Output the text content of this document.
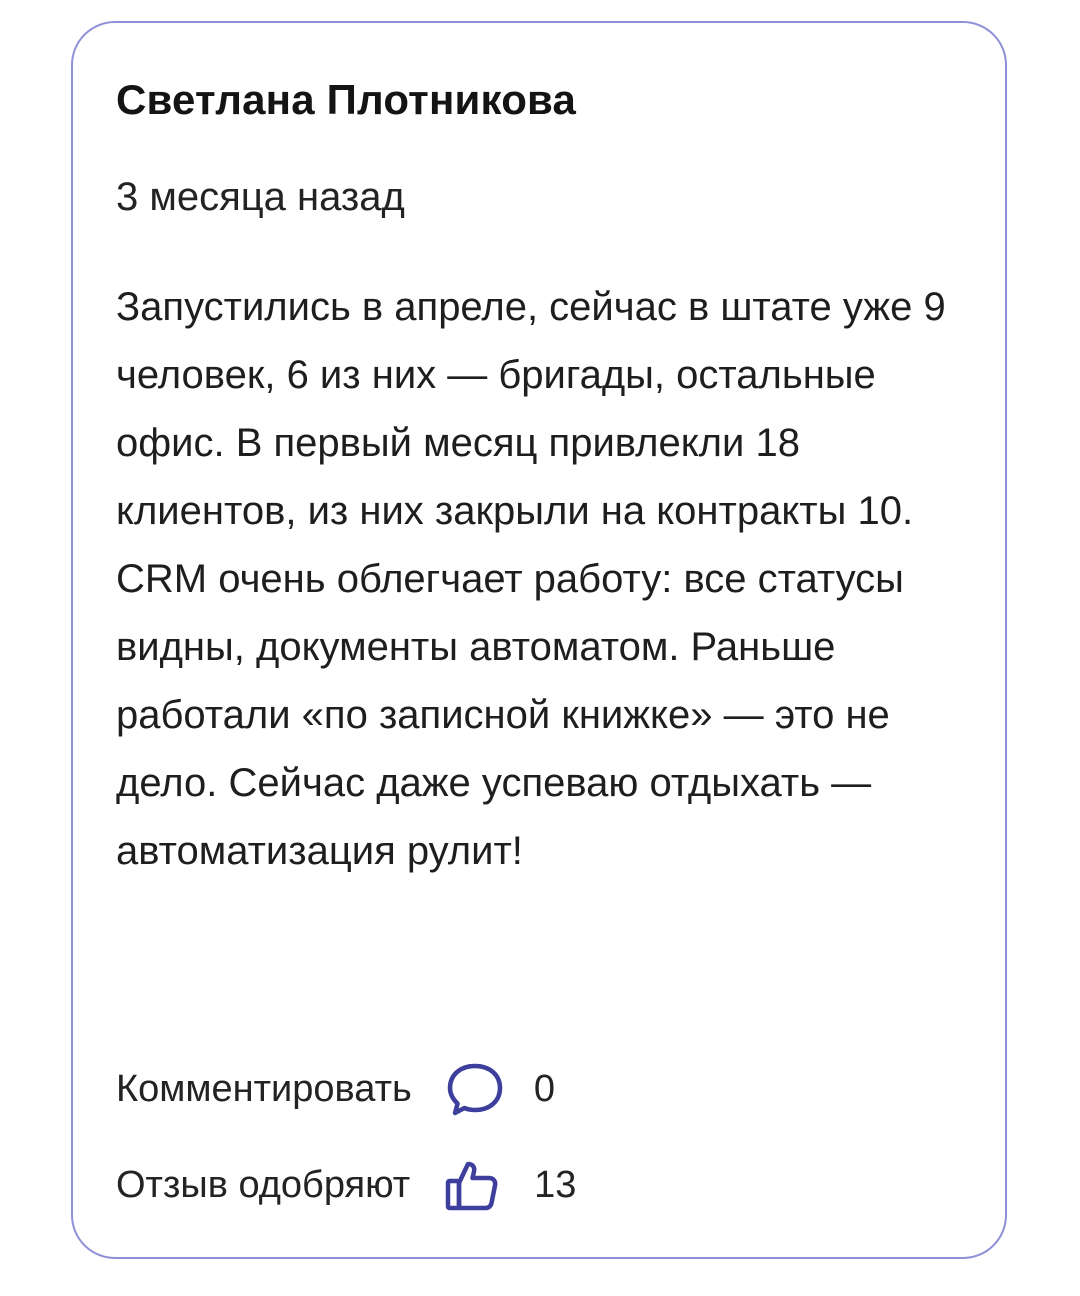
Светлана Плотникова
3 месяца назад

Запустились в апреле, сейчас в штате уже 9 человек, 6 из них — бригады, остальные офис. В первый месяц привлекли 18 клиентов, из них закрыли на контракты 10. CRM очень облегчает работу: все статусы видны, документы автоматом. Раньше работали «по записной книжке» — это не дело. Сейчас даже успеваю отдыхать — автоматизация рулит!

Комментировать	0
Отзыв одобряют	13
